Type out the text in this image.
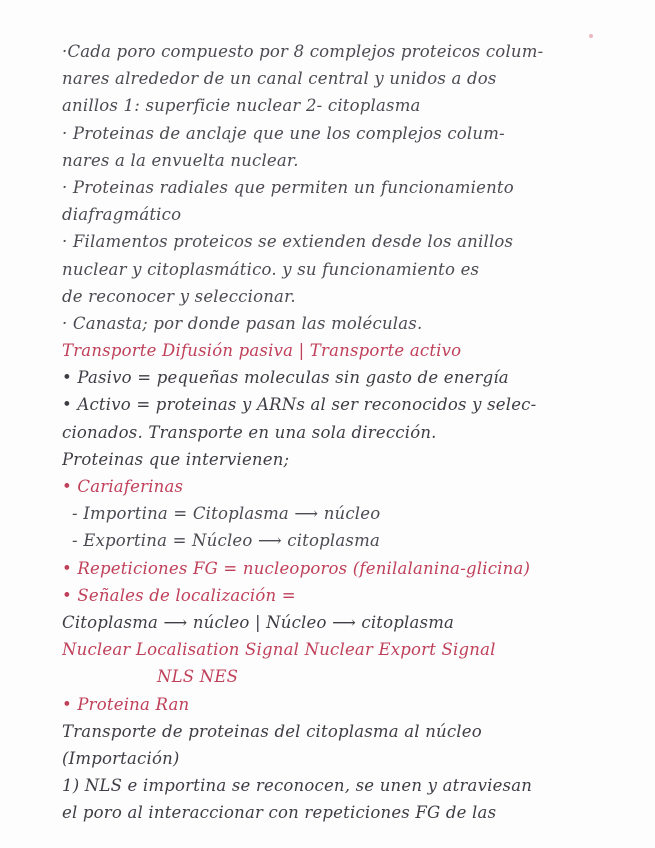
·Cada poro compuesto por 8 complejos proteicos colum-
nares alrededor de un canal central y unidos a dos
anillos 1: superficie nuclear 2- citoplasma
· Proteinas de anclaje que une los complejos colum-
nares a la envuelta nuclear.
· Proteinas radiales que permiten un funcionamiento
diafragmático
· Filamentos proteicos se extienden desde los anillos
nuclear y citoplasmático. y su funcionamiento es
de reconocer y seleccionar.
· Canasta; por donde pasan las moléculas.
Transporte Difusión pasiva | Transporte activo
• Pasivo = pequeñas moleculas sin gasto de energía
• Activo = proteinas y ARNs al ser reconocidos y selec-
cionados. Transporte en una sola dirección.
Proteinas que intervienen;
• Cariaferinas
- Importina = Citoplasma ⟶ núcleo
- Exportina = Núcleo ⟶ citoplasma
• Repeticiones FG = nucleoporos (fenilalanina-glicina)
• Señales de localización =
Citoplasma ⟶ núcleo | Núcleo ⟶ citoplasma
Nuclear Localisation Signal Nuclear Export Signal
NLS NES
• Proteina Ran
Transporte de proteinas del citoplasma al núcleo
(Importación)
1) NLS e importina se reconocen, se unen y atraviesan
el poro al interaccionar con repeticiones FG de las
